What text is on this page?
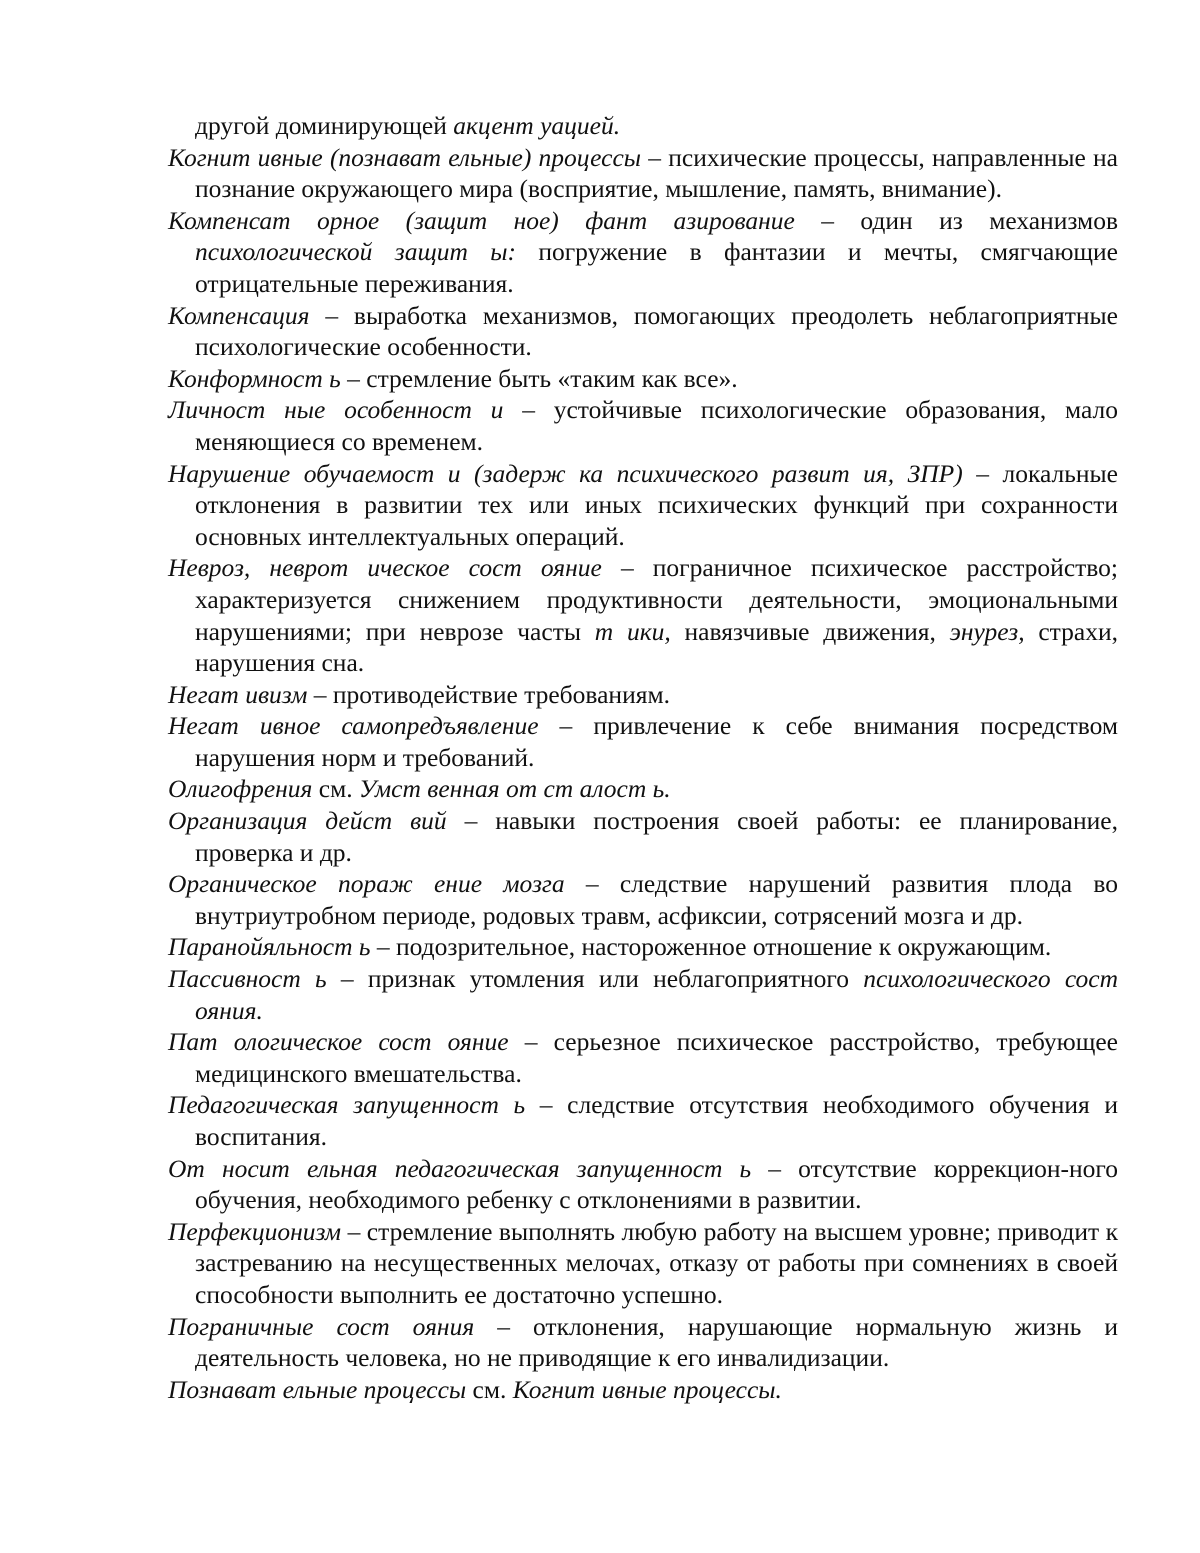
другой доминирующей акцент уацией.

Когнит ивные (познават ельные) процессы – психические процессы, направленные на познание окружающего мира (восприятие, мышление, память, внимание).

Компенсат орное (защит ное) фант азирование – один из механизмов психологической защит ы: погружение в фантазии и мечты, смягчающие отрицательные переживания.

Компенсация – выработка механизмов, помогающих преодолеть неблагоприятные психологические особенности.

Конформност ь – стремление быть «таким как все».

Личност ные особенност и – устойчивые психологические образования, мало меняющиеся со временем.

Нарушение обучаемост и (задерж ка психического развит ия, ЗПР) – локальные отклонения в развитии тех или иных психических функций при сохранности основных интеллектуальных операций.

Невроз, неврот ическое сост ояние – пограничное психическое расстройство; характеризуется снижением продуктивности деятельности, эмоциональными нарушениями; при неврозе часты т ики, навязчивые движения, энурез, страхи, нарушения сна.

Негат ивизм – противодействие требованиям.

Негат ивное самопредъявление – привлечение к себе внимания посредством нарушения норм и требований.

Олигофрения см. Умст венная от ст алост ь.

Организация дейст вий – навыки построения своей работы: ее планирование, проверка и др.

Органическое пораж ение мозга – следствие нарушений развития плода во внутриутробном периоде, родовых травм, асфиксии, сотрясений мозга и др.

Паранойяльност ь – подозрительное, настороженное отношение к окружающим.

Пассивност ь – признак утомления или неблагоприятного психологического сост ояния.

Пат ологическое сост ояние – серьезное психическое расстройство, требующее медицинского вмешательства.

Педагогическая запущенност ь – следствие отсутствия необходимого обучения и воспитания.

От носит ельная педагогическая запущенност ь – отсутствие коррекцион-ного обучения, необходимого ребенку с отклонениями в развитии.

Перфекционизм – стремление выполнять любую работу на высшем уровне; приводит к застреванию на несущественных мелочах, отказу от работы при сомнениях в своей способности выполнить ее достаточно успешно.

Пограничные сост ояния – отклонения, нарушающие нормальную жизнь и деятельность человека, но не приводящие к его инвалидизации.

Познават ельные процессы см. Когнит ивные процессы.
